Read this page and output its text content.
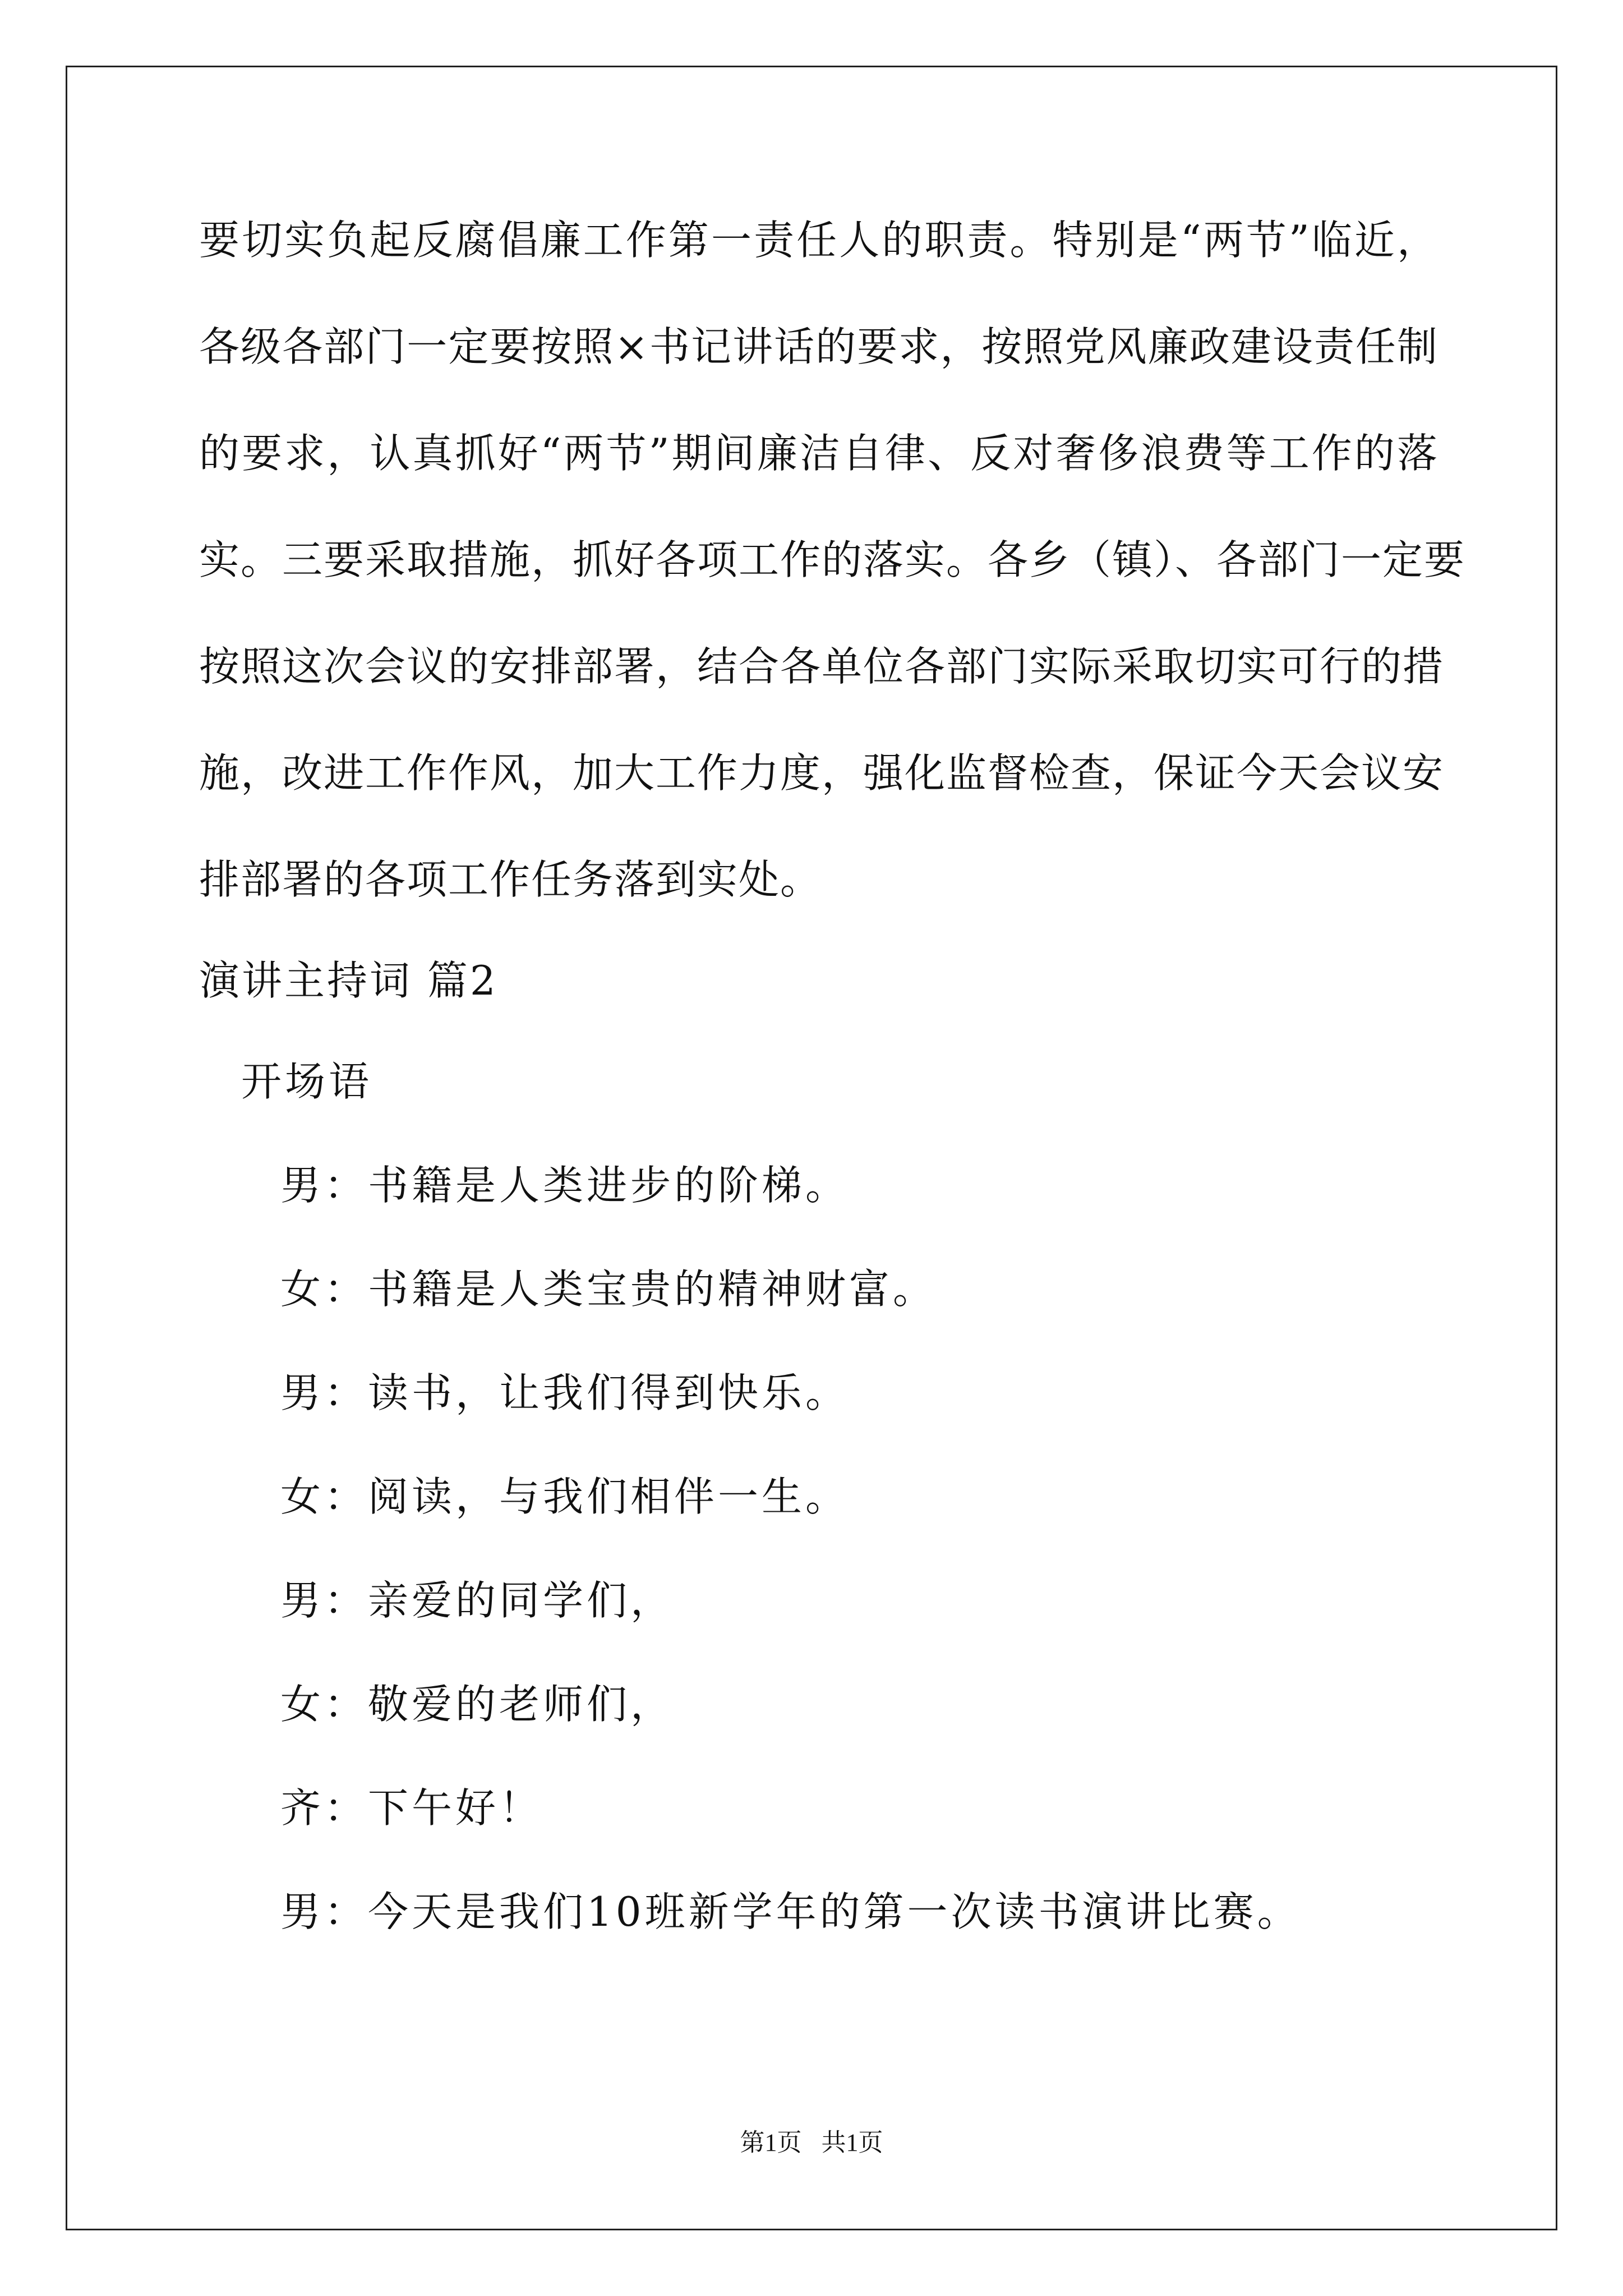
要切实负起反腐倡廉工作第一责任人的职责。特别是“两节”临近，
各级各部门一定要按照×书记讲话的要求，按照党风廉政建设责任制
的要求，认真抓好“两节”期间廉洁自律、反对奢侈浪费等工作的落
实。三要采取措施，抓好各项工作的落实。各乡（镇）、各部门一定要
按照这次会议的安排部署，结合各单位各部门实际采取切实可行的措
施，改进工作作风，加大工作力度，强化监督检查，保证今天会议安
排部署的各项工作任务落到实处。
演讲主持词 篇2
开场语
男：书籍是人类进步的阶梯。
女：书籍是人类宝贵的精神财富。
男：读书，让我们得到快乐。
女：阅读，与我们相伴一生。
男：亲爱的同学们，
女：敬爱的老师们，
齐：下午好！
男：今天是我们10班新学年的第一次读书演讲比赛。
第1页 共1页
